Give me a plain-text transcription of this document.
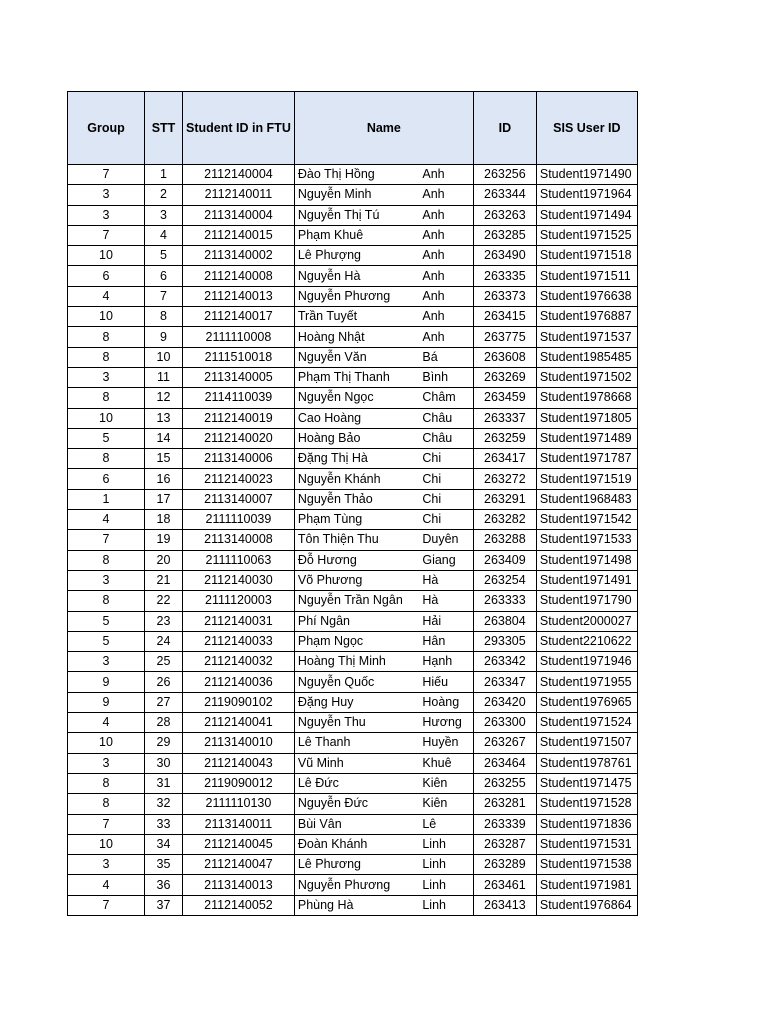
Group	STT	Student ID in FTU	Name		ID	SIS User ID
7	1	2112140004	Đào Thị Hồng	Anh	263256	Student1971490
3	2	2112140011	Nguyễn Minh	Anh	263344	Student1971964
3	3	2113140004	Nguyễn Thị Tú	Anh	263263	Student1971494
7	4	2112140015	Phạm Khuê	Anh	263285	Student1971525
10	5	2113140002	Lê Phượng	Anh	263490	Student1971518
6	6	2112140008	Nguyễn Hà	Anh	263335	Student1971511
4	7	2112140013	Nguyễn Phương	Anh	263373	Student1976638
10	8	2112140017	Trần Tuyết	Anh	263415	Student1976887
8	9	2111110008	Hoàng Nhật	Anh	263775	Student1971537
8	10	2111510018	Nguyễn Văn	Bá	263608	Student1985485
3	11	2113140005	Phạm Thị Thanh	Bình	263269	Student1971502
8	12	2114110039	Nguyễn Ngọc	Châm	263459	Student1978668
10	13	2112140019	Cao Hoàng	Châu	263337	Student1971805
5	14	2112140020	Hoàng Bảo	Châu	263259	Student1971489
8	15	2113140006	Đặng Thị Hà	Chi	263417	Student1971787
6	16	2112140023	Nguyễn Khánh	Chi	263272	Student1971519
1	17	2113140007	Nguyễn Thảo	Chi	263291	Student1968483
4	18	2111110039	Phạm Tùng	Chi	263282	Student1971542
7	19	2113140008	Tôn Thiện Thu	Duyên	263288	Student1971533
8	20	2111110063	Đỗ Hương	Giang	263409	Student1971498
3	21	2112140030	Võ Phương	Hà	263254	Student1971491
8	22	2111120003	Nguyễn Trần Ngân	Hà	263333	Student1971790
5	23	2112140031	Phí Ngân	Hải	263804	Student2000027
5	24	2112140033	Phạm Ngọc	Hân	293305	Student2210622
3	25	2112140032	Hoàng Thị Minh	Hạnh	263342	Student1971946
9	26	2112140036	Nguyễn Quốc	Hiếu	263347	Student1971955
9	27	2119090102	Đặng Huy	Hoàng	263420	Student1976965
4	28	2112140041	Nguyễn Thu	Hương	263300	Student1971524
10	29	2113140010	Lê Thanh	Huyền	263267	Student1971507
3	30	2112140043	Vũ Minh	Khuê	263464	Student1978761
8	31	2119090012	Lê Đức	Kiên	263255	Student1971475
8	32	2111110130	Nguyễn Đức	Kiên	263281	Student1971528
7	33	2113140011	Bùi Vân	Lê	263339	Student1971836
10	34	2112140045	Đoàn Khánh	Linh	263287	Student1971531
3	35	2112140047	Lê Phương	Linh	263289	Student1971538
4	36	2113140013	Nguyễn Phương	Linh	263461	Student1971981
7	37	2112140052	Phùng Hà	Linh	263413	Student1976864
